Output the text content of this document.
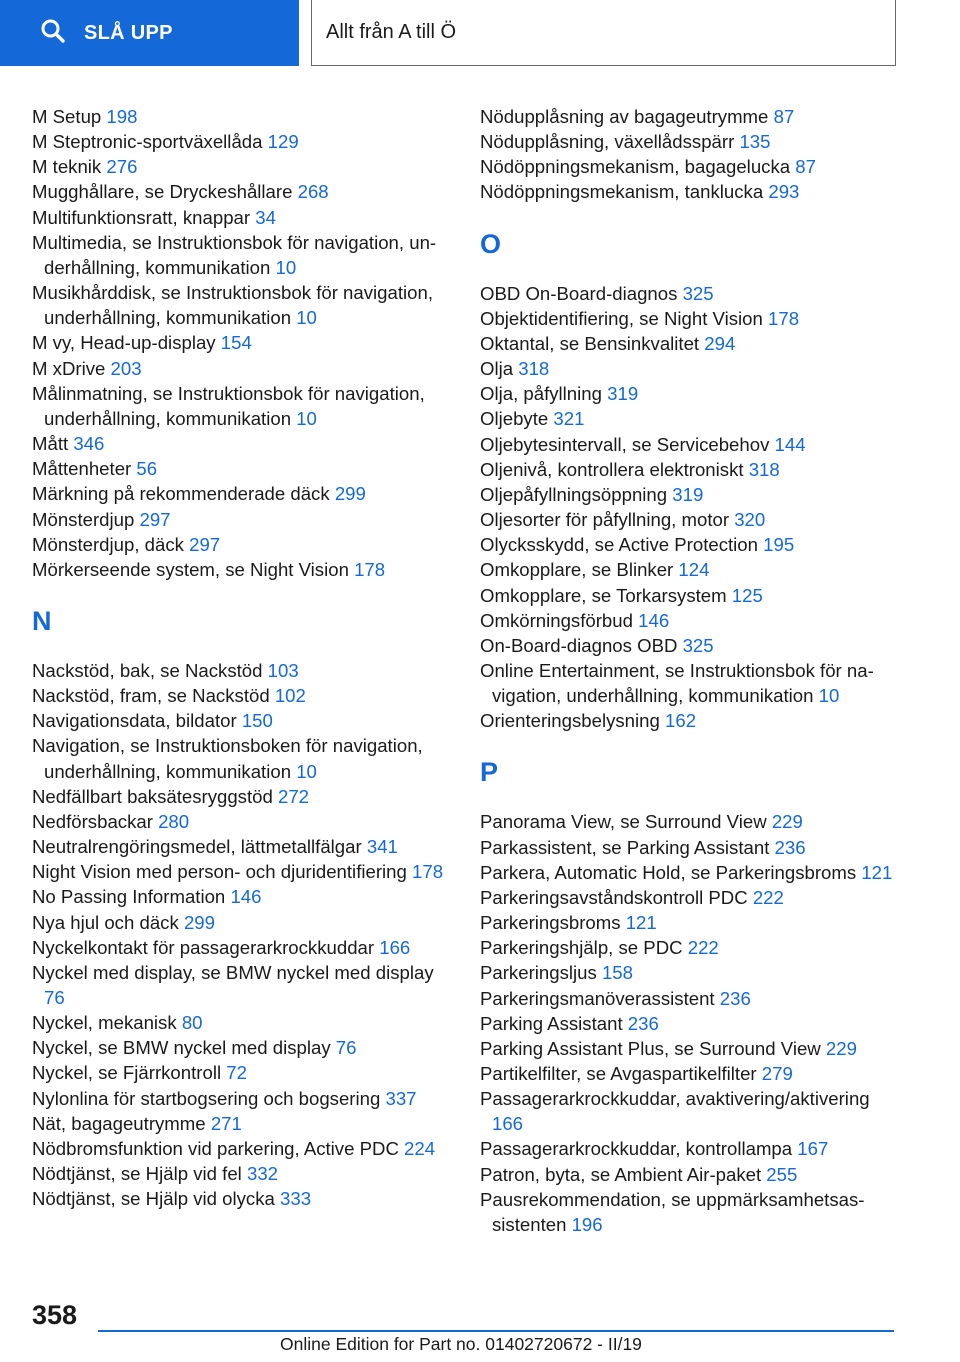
SLÅ UPP	Allt från A till Ö
M Setup 198
M Steptronic-sportväxellåda 129
M teknik 276
Mugghållare, se Dryckeshållare 268
Multifunktionsratt, knappar 34
Multimedia, se Instruktionsbok för navigation, underhållning, kommunikation 10
Musikhårddisk, se Instruktionsbok för navigation, underhållning, kommunikation 10
M vy, Head-up-display 154
M xDrive 203
Målinmatning, se Instruktionsbok för navigation, underhållning, kommunikation 10
Mått 346
Måttenheter 56
Märkning på rekommenderade däck 299
Mönsterdjup 297
Mönsterdjup, däck 297
Mörkerseende system, se Night Vision 178
N
Nackstöd, bak, se Nackstöd 103
Nackstöd, fram, se Nackstöd 102
Navigationsdata, bildator 150
Navigation, se Instruktionsboken för navigation, underhållning, kommunikation 10
Nedfällbart baksätesryggstöd 272
Nedförsbackar 280
Neutralrengöringsmedel, lättmetallfälgar 341
Night Vision med person- och djuridentifiering 178
No Passing Information 146
Nya hjul och däck 299
Nyckelkontakt för passagerarkrockkuddar 166
Nyckel med display, se BMW nyckel med display 76
Nyckel, mekanisk 80
Nyckel, se BMW nyckel med display 76
Nyckel, se Fjärrkontroll 72
Nylonlina för startbogsering och bogsering 337
Nät, bagageutrymme 271
Nödbromsfunktion vid parkering, Active PDC 224
Nödtjänst, se Hjälp vid fel 332
Nödtjänst, se Hjälp vid olycka 333
Nödupplåsning av bagageutrymme 87
Nödupplåsning, växellådsspärr 135
Nödöppningsmekanism, bagagelucka 87
Nödöppningsmekanism, tanklucka 293
O
OBD On-Board-diagnos 325
Objektidentifiering, se Night Vision 178
Oktantal, se Bensinkvalitet 294
Olja 318
Olja, påfyllning 319
Oljebyte 321
Oljebytesintervall, se Servicebehov 144
Oljenivå, kontrollera elektroniskt 318
Oljepåfyllningsöppning 319
Oljesorter för påfyllning, motor 320
Olycksskydd, se Active Protection 195
Omkopplare, se Blinker 124
Omkopplare, se Torkarsystem 125
Omkörningsförbud 146
On-Board-diagnos OBD 325
Online Entertainment, se Instruktionsbok för navigation, underhållning, kommunikation 10
Orienteringsbelysning 162
P
Panorama View, se Surround View 229
Parkassistent, se Parking Assistant 236
Parkera, Automatic Hold, se Parkeringsbroms 121
Parkeringsavståndskontroll PDC 222
Parkeringsbroms 121
Parkeringshjälp, se PDC 222
Parkeringsljus 158
Parkeringsmanöverassistent 236
Parking Assistant 236
Parking Assistant Plus, se Surround View 229
Partikelfilter, se Avgaspartikelfilter 279
Passagerarkrockkuddar, avaktivering/aktivering 166
Passagerarkrockkuddar, kontrollampa 167
Patron, byta, se Ambient Air-paket 255
Pausrekommendation, se uppmärksamhetsassistenten 196
358
Online Edition for Part no. 01402720672 - II/19
